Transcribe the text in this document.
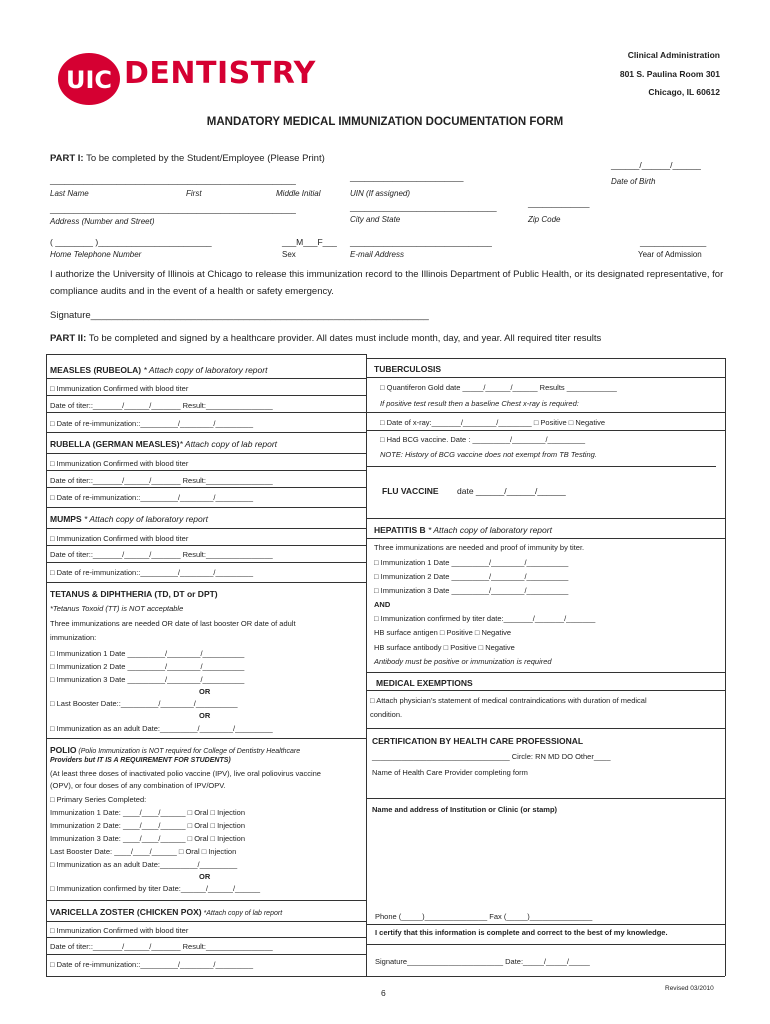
UIC DENTISTRY
Clinical Administration
801 S. Paulina Room 301
Chicago, IL 60612
MANDATORY MEDICAL IMMUNIZATION DOCUMENTATION FORM
PART I: To be completed by the Student/Employee (Please Print)
______/______/______
Date of Birth
________________________
____________________________________________________
Last Name	First	Middle Initial	UIN (If assigned)
____________________________________________________	_______________________________	_____________
Address (Number and Street)	City and State	Zip Code
( ________ )________________________	___M___F___ ______________________________	______________
Home Telephone Number	Sex	E-mail Address	Year of Admission
I authorize the University of Illinois at Chicago to release this immunization record to the Illinois Department of Public Health, or its designated representative, for compliance audits and in the event of a health or safety emergency.
Signature________________________________________________________________
PART II: To be completed and signed by a healthcare provider. All dates must include month, day, and year. All required titer results
MEASLES (RUBEOLA) * Attach copy of laboratory report
□ Immunization Confirmed with blood titer
Date of titer::_______/______/_______ Result:________________
□ Date of re-immunization::_________/________/_________
RUBELLA (GERMAN MEASLES)* Attach copy of lab report
□ Immunization Confirmed with blood titer
Date of titer::_______/______/_______ Result:________________
□ Date of re-immunization::_________/________/_________
MUMPS * Attach copy of laboratory report
□ Immunization Confirmed with blood titer
Date of titer::_______/______/_______ Result:________________
□ Date of re-immunization::_________/________/_________
TETANUS & DIPHTHERIA (TD, DT or DPT)
*Tetanus Toxoid (TT) is NOT acceptable
Three immunizations are needed OR date of last booster OR date of adult
immunization:
□ Immunization 1 Date _________/________/__________
□ Immunization 2 Date _________/________/__________
□ Immunization 3 Date _________/________/__________
OR
□ Last Booster Date::_________/________/__________
OR
□ Immunization as an adult Date:_________/________/_________
POLIO (Polio Immunization is NOT required for College of Dentistry Healthcare
Providers but IT IS A REQUIREMENT FOR STUDENTS)
(At least three doses of inactivated polio vaccine (IPV), live oral poliovirus vaccine
(OPV), or four doses of any combination of IPV/OPV.
□ Primary Series Completed:
Immunization 1 Date: ____/____/______ □ Oral □ Injection
Immunization 2 Date: ____/____/______ □ Oral □ Injection
Immunization 3 Date: ____/____/______ □ Oral □ Injection
Last Booster Date: ____/____/______ □ Oral □ Injection
□ Immunization as an adult Date:_________/_________
OR
□ Immunization confirmed by titer Date:______/______/______
VARICELLA ZOSTER (CHICKEN POX) *Attach copy of lab report
□ Immunization Confirmed with blood titer
Date of titer::_______/______/_______ Result:________________
□ Date of re-immunization::_________/________/_________
TUBERCULOSIS
□ Quantiferon Gold date _____/______/______ Results ____________
If positive test result then a baseline Chest x-ray is required:
□ Date of x-ray:_______/________/________ □ Positive □ Negative
□ Had BCG vaccine. Date : _________/________/_________
NOTE: History of BCG vaccine does not exempt from TB Testing.
FLU VACCINE date ______/______/______
HEPATITIS B * Attach copy of laboratory report
Three immunizations are needed and proof of immunity by titer.
□ Immunization 1 Date _________/________/__________
□ Immunization 2 Date _________/________/__________
□ Immunization 3 Date _________/________/__________
AND
□ Immunization confirmed by titer date:_______/_______/_______
HB surface antigen □ Positive □ Negative
HB surface antibody □ Positive □ Negative
Antibody must be positive or immunization is required
MEDICAL EXEMPTIONS
□ Attach physician’s statement of medical contraindications with duration of medical
condition.
CERTIFICATION BY HEALTH CARE PROFESSIONAL
_________________________________ Circle: RN MD DO Other____
Name of Health Care Provider completing form
Name and address of Institution or Clinic (or stamp)
Phone (_____)_______________ Fax (_____)_______________
I certify that this information is complete and correct to the best of my knowledge.
Signature_______________________ Date:_____/_____/_____
6	Revised 03/2010
